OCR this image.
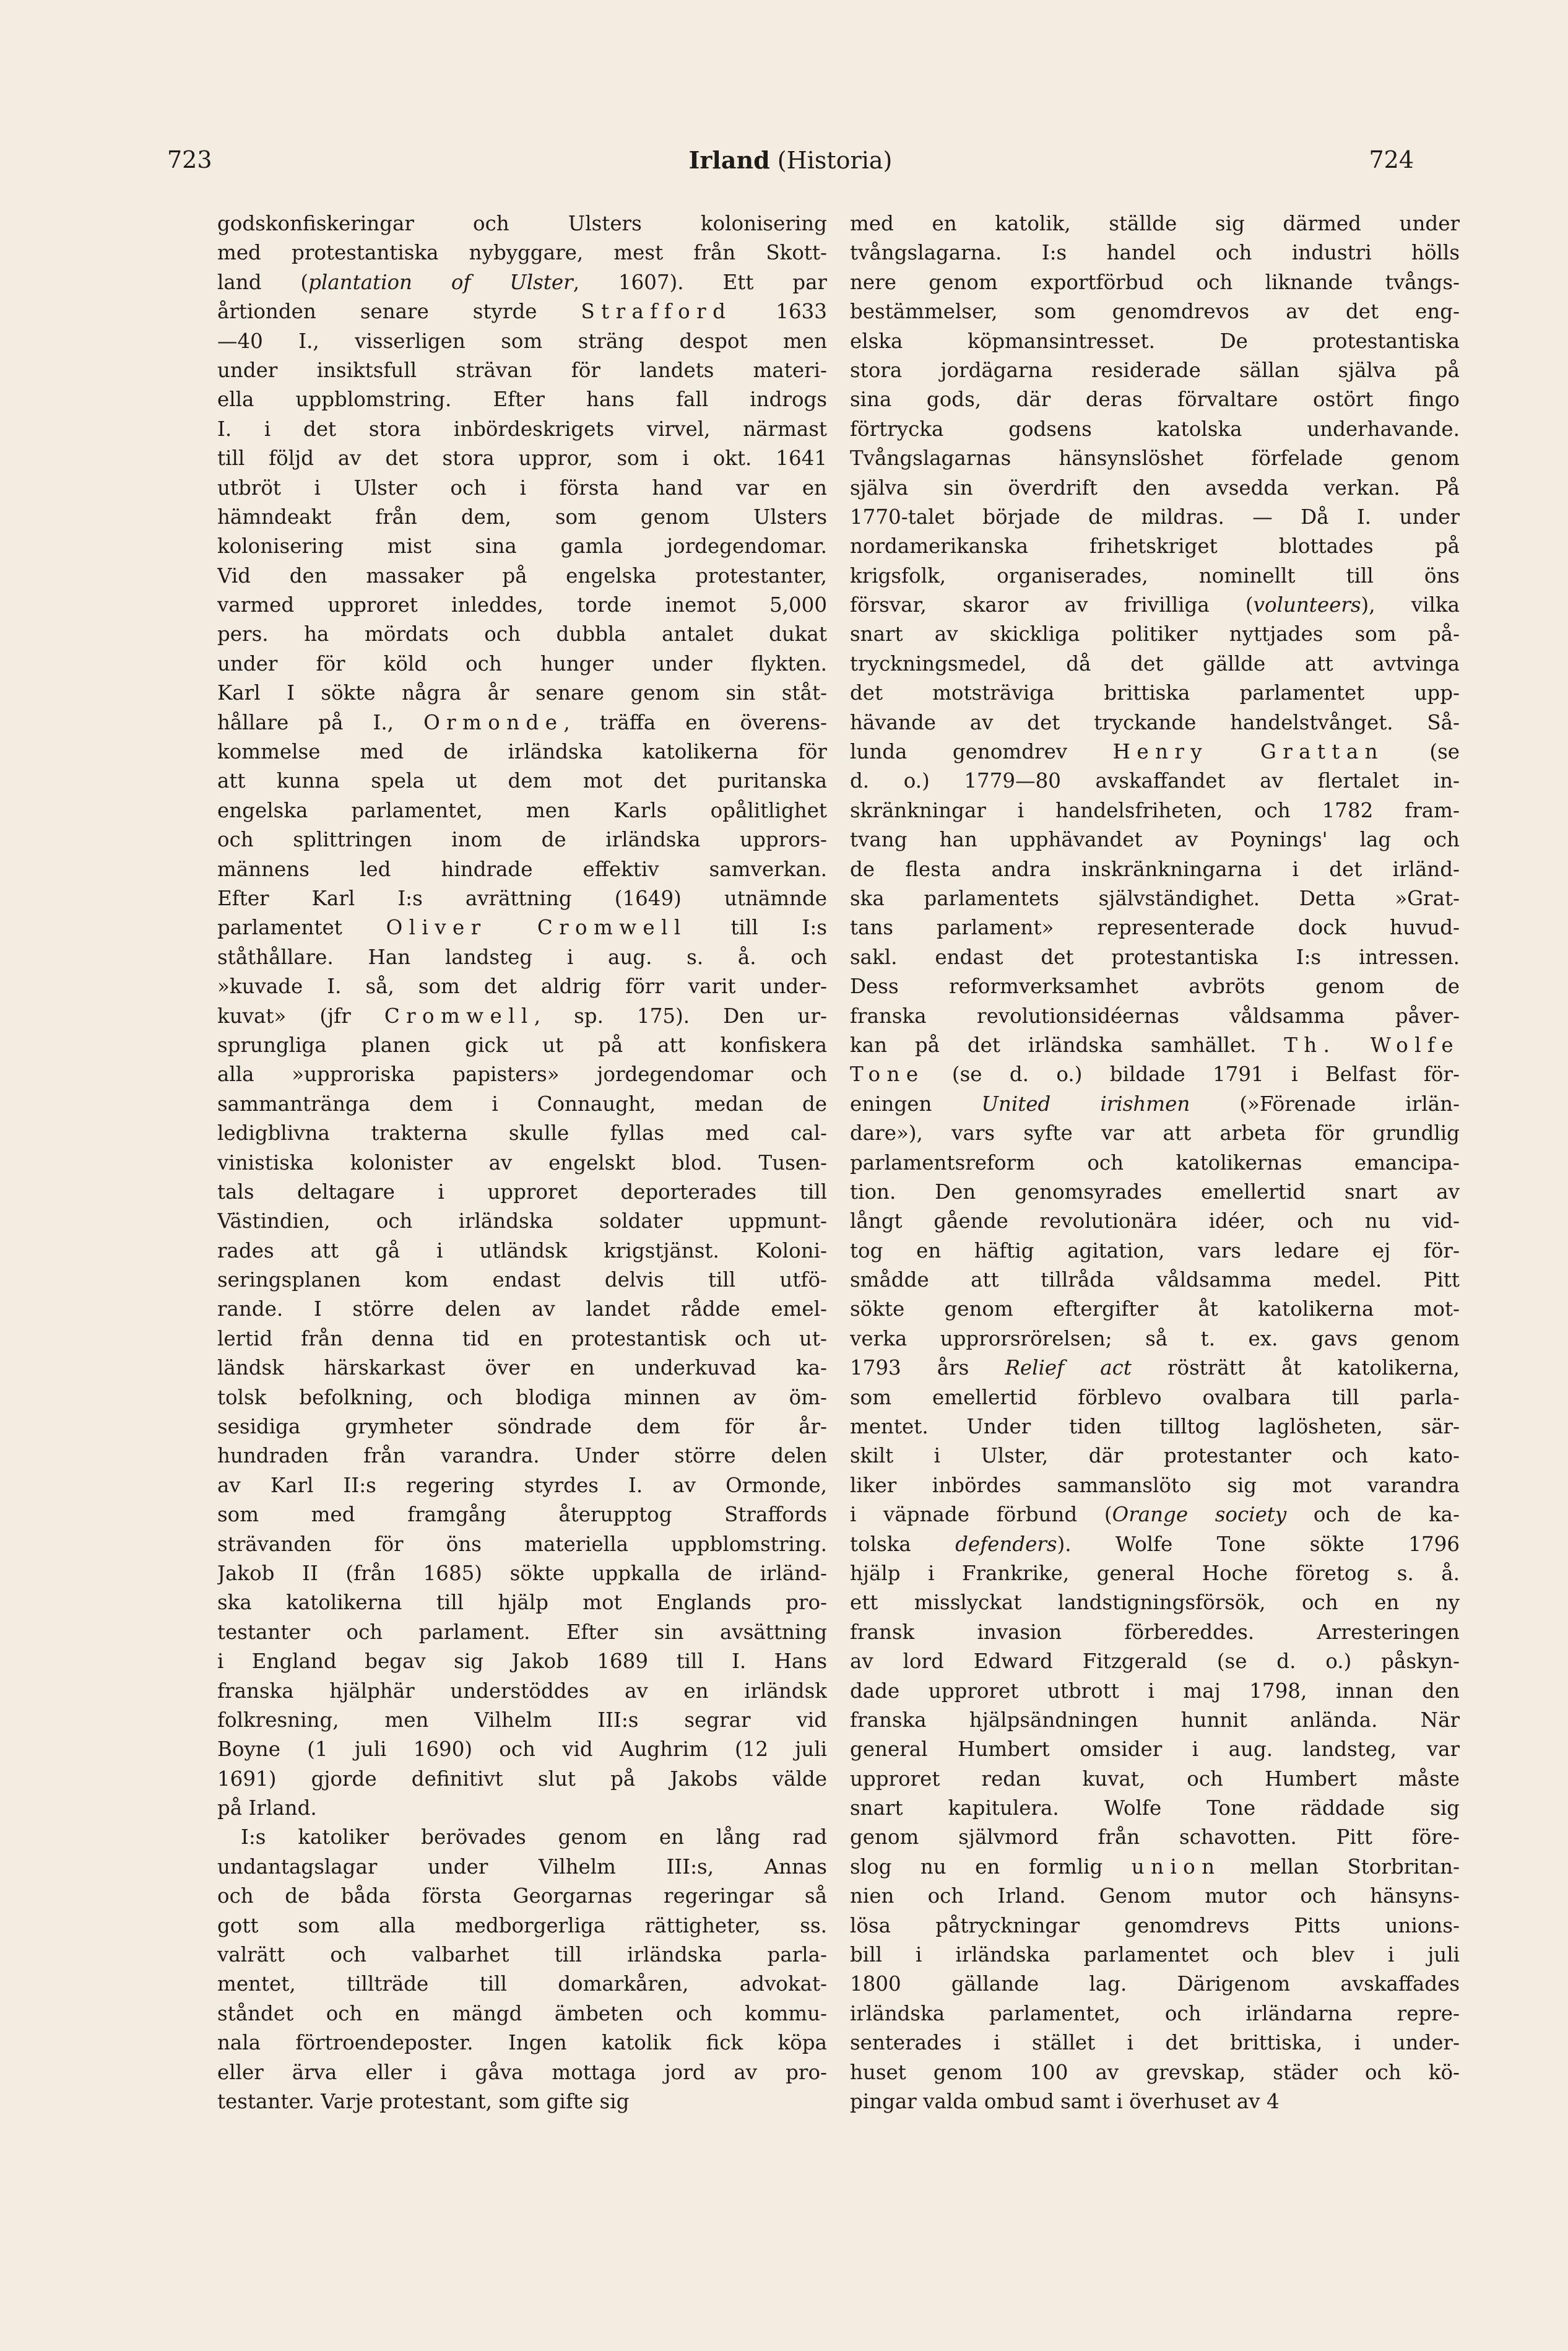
723	Irland (Historia)	724
godskonfiskeringar och Ulsters kolonisering
med protestantiska nybyggare, mest från Skott-
land (plantation of Ulster, 1607). Ett par
årtionden senare styrde Strafford 1633
—40 I., visserligen som sträng despot men
under insiktsfull strävan för landets materi-
ella uppblomstring. Efter hans fall indrogs
I. i det stora inbördeskrigets virvel, närmast
till följd av det stora uppror, som i okt. 1641
utbröt i Ulster och i första hand var en
hämndeakt från dem, som genom Ulsters
kolonisering mist sina gamla jordegendomar.
Vid den massaker på engelska protestanter,
varmed upproret inleddes, torde inemot 5,000
pers. ha mördats och dubbla antalet dukat
under för köld och hunger under flykten.
Karl I sökte några år senare genom sin ståt-
hållare på I., Ormonde, träffa en överens-
kommelse med de irländska katolikerna för
att kunna spela ut dem mot det puritanska
engelska parlamentet, men Karls opålitlighet
och splittringen inom de irländska upprors-
männens led hindrade effektiv samverkan.
Efter Karl I:s avrättning (1649) utnämnde
parlamentet Oliver Cromwell till I:s
ståthållare. Han landsteg i aug. s. å. och
»kuvade I. så, som det aldrig förr varit under-
kuvat» (jfr Cromwell, sp. 175). Den ur-
sprungliga planen gick ut på att konfiskera
alla »upproriska papisters» jordegendomar och
sammantränga dem i Connaught, medan de
ledigblivna trakterna skulle fyllas med cal-
vinistiska kolonister av engelskt blod. Tusen-
tals deltagare i upproret deporterades till
Västindien, och irländska soldater uppmunt-
rades att gå i utländsk krigstjänst. Koloni-
seringsplanen kom endast delvis till utfö-
rande. I större delen av landet rådde emel-
lertid från denna tid en protestantisk och ut-
ländsk härskarkast över en underkuvad ka-
tolsk befolkning, och blodiga minnen av öm-
sesidiga grymheter söndrade dem för år-
hundraden från varandra. Under större delen
av Karl II:s regering styrdes I. av Ormonde,
som med framgång återupptog Straffords
strävanden för öns materiella uppblomstring.
Jakob II (från 1685) sökte uppkalla de irländ-
ska katolikerna till hjälp mot Englands pro-
testanter och parlament. Efter sin avsättning
i England begav sig Jakob 1689 till I. Hans
franska hjälphär understöddes av en irländsk
folkresning, men Vilhelm III:s segrar vid
Boyne (1 juli 1690) och vid Aughrim (12 juli
1691) gjorde definitivt slut på Jakobs välde
på Irland.
I:s katoliker berövades genom en lång rad
undantagslagar under Vilhelm III:s, Annas
och de båda första Georgarnas regeringar så
gott som alla medborgerliga rättigheter, ss.
valrätt och valbarhet till irländska parla-
mentet, tillträde till domarkåren, advokat-
ståndet och en mängd ämbeten och kommu-
nala förtroendeposter. Ingen katolik fick köpa
eller ärva eller i gåva mottaga jord av pro-
testanter. Varje protestant, som gifte sig
med en katolik, ställde sig därmed under
tvångslagarna. I:s handel och industri hölls
nere genom exportförbud och liknande tvångs-
bestämmelser, som genomdrevos av det eng-
elska köpmansintresset. De protestantiska
stora jordägarna residerade sällan själva på
sina gods, där deras förvaltare ostört fingo
förtrycka godsens katolska underhavande.
Tvångslagarnas hänsynslöshet förfelade genom
själva sin överdrift den avsedda verkan. På
1770-talet började de mildras. — Då I. under
nordamerikanska frihetskriget blottades på
krigsfolk, organiserades, nominellt till öns
försvar, skaror av frivilliga (volunteers), vilka
snart av skickliga politiker nyttjades som på-
tryckningsmedel, då det gällde att avtvinga
det motsträviga brittiska parlamentet upp-
hävande av det tryckande handelstvånget. Så-
lunda genomdrev Henry Grattan (se
d. o.) 1779—80 avskaffandet av flertalet in-
skränkningar i handelsfriheten, och 1782 fram-
tvang han upphävandet av Poynings' lag och
de flesta andra inskränkningarna i det irländ-
ska parlamentets självständighet. Detta »Grat-
tans parlament» representerade dock huvud-
sakl. endast det protestantiska I:s intressen.
Dess reformverksamhet avbröts genom de
franska revolutionsidéernas våldsamma påver-
kan på det irländska samhället. Th. Wolfe
Tone (se d. o.) bildade 1791 i Belfast för-
eningen United irishmen (»Förenade irlän-
dare»), vars syfte var att arbeta för grundlig
parlamentsreform och katolikernas emancipa-
tion. Den genomsyrades emellertid snart av
långt gående revolutionära idéer, och nu vid-
tog en häftig agitation, vars ledare ej för-
smådde att tillråda våldsamma medel. Pitt
sökte genom eftergifter åt katolikerna mot-
verka upprorsrörelsen; så t. ex. gavs genom
1793 års Relief act rösträtt åt katolikerna,
som emellertid förblevo ovalbara till parla-
mentet. Under tiden tilltog laglösheten, sär-
skilt i Ulster, där protestanter och kato-
liker inbördes sammanslöto sig mot varandra
i väpnade förbund (Orange society och de ka-
tolska defenders). Wolfe Tone sökte 1796
hjälp i Frankrike, general Hoche företog s. å.
ett misslyckat landstigningsförsök, och en ny
fransk invasion förbereddes. Arresteringen
av lord Edward Fitzgerald (se d. o.) påskyn-
dade upproret utbrott i maj 1798, innan den
franska hjälpsändningen hunnit anlända. När
general Humbert omsider i aug. landsteg, var
upproret redan kuvat, och Humbert måste
snart kapitulera. Wolfe Tone räddade sig
genom självmord från schavotten. Pitt före-
slog nu en formlig union mellan Storbritan-
nien och Irland. Genom mutor och hänsyns-
lösa påtryckningar genomdrevs Pitts unions-
bill i irländska parlamentet och blev i juli
1800 gällande lag. Därigenom avskaffades
irländska parlamentet, och irländarna repre-
senterades i stället i det brittiska, i under-
huset genom 100 av grevskap, städer och kö-
pingar valda ombud samt i överhuset av 4
